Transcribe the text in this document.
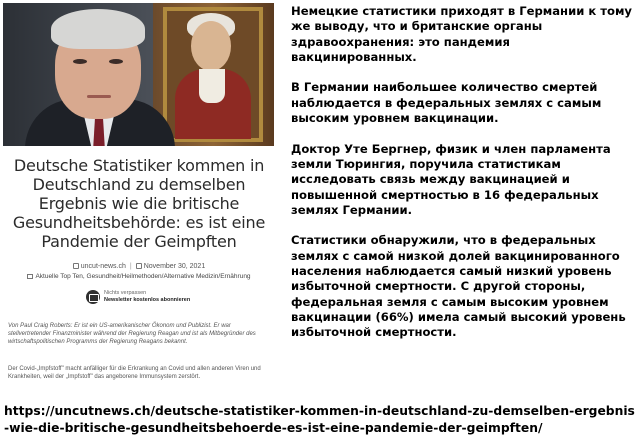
Deutsche Statistiker kommen in Deutschland zu demselben Ergebnis wie die britische Gesundheitsbehörde: es ist eine Pandemie der Geimpften
uncut-news.ch | November 30, 2021
Aktuelle Top Ten, Gesundheit/Heilmethoden/Alternative Medizin/Ernährung
Nichts verpassen
Newsletter kostenlos abonnieren

Von Paul Craig Roberts: Er ist ein US-amerikanischer Ökonom und Publizist. Er war stellvertretender Finanzminister während der Regierung Reagan und ist als Mitbegründer des wirtschaftspolitischen Programms der Regierung Reagans bekannt.

Der Covid-„Impfstoff" macht anfälliger für die Erkrankung an Covid und allen anderen Viren und Krankheiten, weil der „Impfstoff" das angeborene Immunsystem zerstört.

Немецкие статистики приходят в Германии к тому же выводу, что и британские органы здравоохранения: это пандемия вакцинированных.

В Германии наибольшее количество смертей наблюдается в федеральных землях с самым высоким уровнем вакцинации.

Доктор Уте Бергнер, физик и член парламента земли Тюрингия, поручила статистикам исследовать связь между вакцинацией и повышенной смертностью в 16 федеральных землях Германии.

Статистики обнаружили, что в федеральных землях с самой низкой долей вакцинированного населения наблюдается самый низкий уровень избыточной смертности. С другой стороны, федеральная земля с самым высоким уровнем вакцинации (66%) имела самый высокий уровень избыточной смертности.

https://uncutnews.ch/deutsche-statistiker-kommen-in-deutschland-zu-demselben-ergebnis-wie-die-britische-gesundheitsbehoerde-es-ist-eine-pandemie-der-geimpften/
